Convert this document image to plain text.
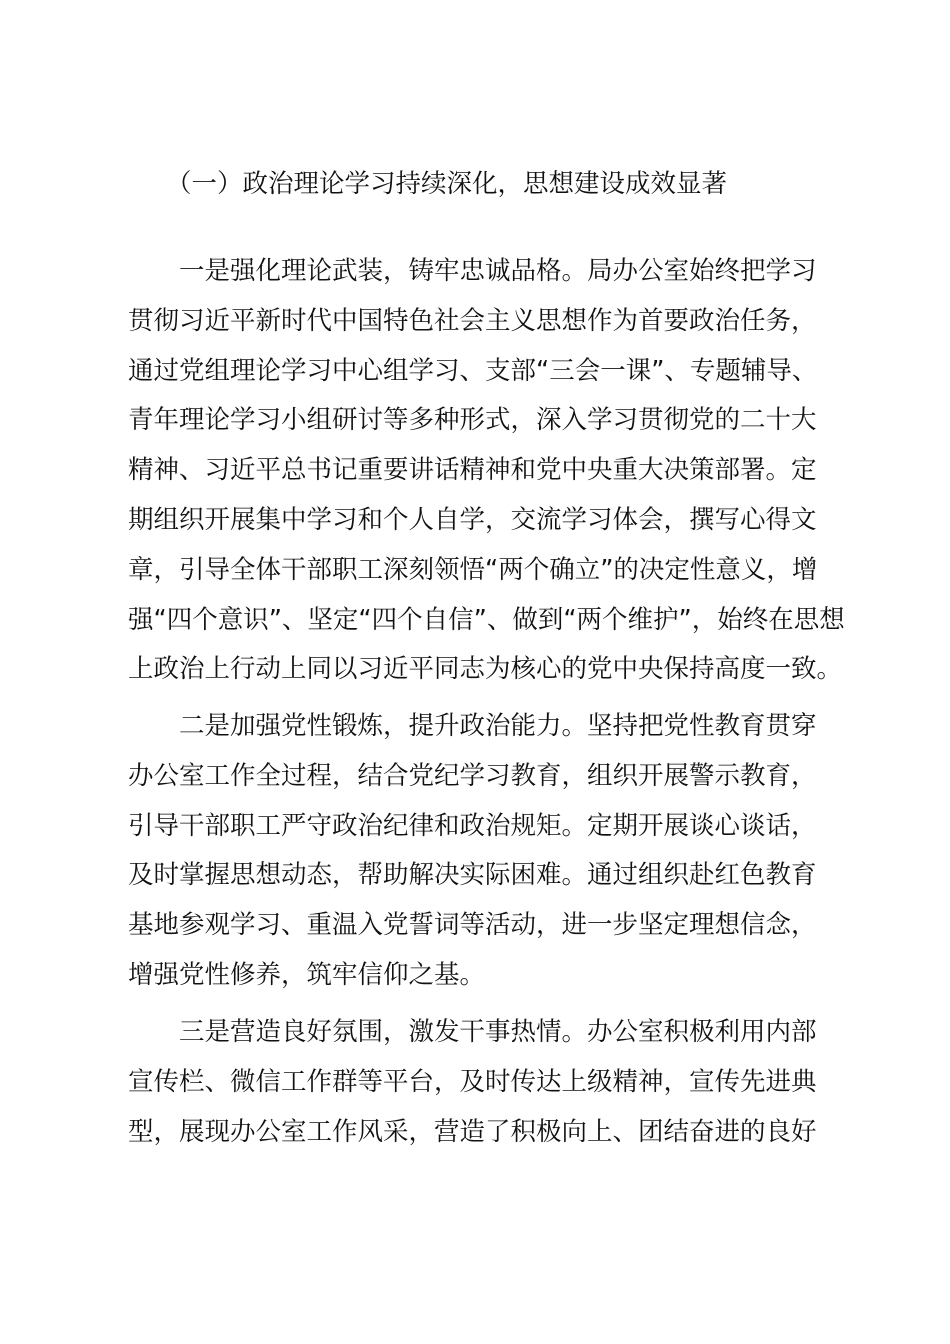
（一）政治理论学习持续深化，思想建设成效显著
一是强化理论武装，铸牢忠诚品格。局办公室始终把学习
贯彻习近平新时代中国特色社会主义思想作为首要政治任务，
通过党组理论学习中心组学习、支部“三会一课”、专题辅导、
青年理论学习小组研讨等多种形式，深入学习贯彻党的二十大
精神、习近平总书记重要讲话精神和党中央重大决策部署。定
期组织开展集中学习和个人自学，交流学习体会，撰写心得文
章，引导全体干部职工深刻领悟“两个确立”的决定性意义，增
强“四个意识”、坚定“四个自信”、做到“两个维护”，始终在思想
上政治上行动上同以习近平同志为核心的党中央保持高度一致。
二是加强党性锻炼，提升政治能力。坚持把党性教育贯穿
办公室工作全过程，结合党纪学习教育，组织开展警示教育，
引导干部职工严守政治纪律和政治规矩。定期开展谈心谈话，
及时掌握思想动态，帮助解决实际困难。通过组织赴红色教育
基地参观学习、重温入党誓词等活动，进一步坚定理想信念，
增强党性修养，筑牢信仰之基。
三是营造良好氛围，激发干事热情。办公室积极利用内部
宣传栏、微信工作群等平台，及时传达上级精神，宣传先进典
型，展现办公室工作风采，营造了积极向上、团结奋进的良好
